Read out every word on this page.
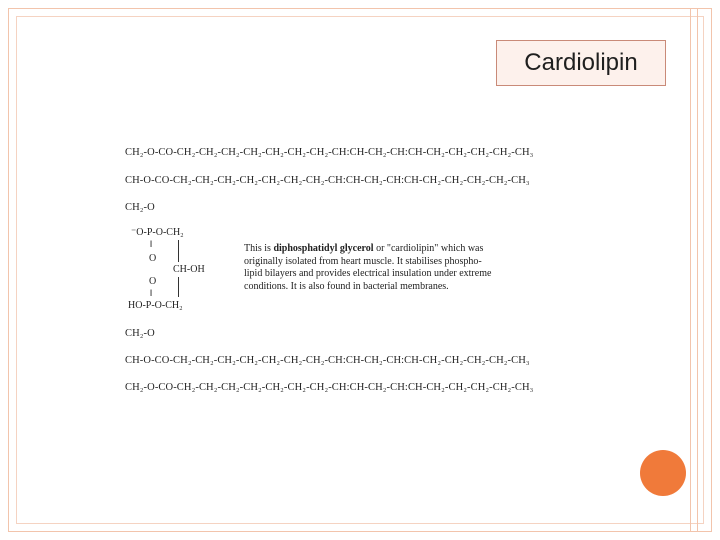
Cardiolipin
CH₂-O-CO-CH₂-CH₂-CH₂-CH₂-CH₂-CH₂-CH₂-CH:CH-CH₂-CH:CH-CH₂-CH₂-CH₂-CH₂-CH₃
CH-O-CO-CH₂-CH₂-CH₂-CH₂-CH₂-CH₂-CH₂-CH:CH-CH₂-CH:CH-CH₂-CH₂-CH₂-CH₂-CH₃
CH₂-O
⁻O-P-O-CH₂
‖
O
CH-OH
O
‖
HO-P-O-CH₂
CH₂-O
CH-O-CO-CH₂-CH₂-CH₂-CH₂-CH₂-CH₂-CH₂-CH:CH-CH₂-CH:CH-CH₂-CH₂-CH₂-CH₂-CH₃
CH₂-O-CO-CH₂-CH₂-CH₂-CH₂-CH₂-CH₂-CH₂-CH:CH-CH₂-CH:CH-CH₂-CH₂-CH₂-CH₂-CH₃
This is diphosphatidyl glycerol or "cardiolipin" which was
originally isolated from heart muscle. It stabilises phospho-
lipid bilayers and provides electrical insulation under extreme
conditions. It is also found in bacterial membranes.
